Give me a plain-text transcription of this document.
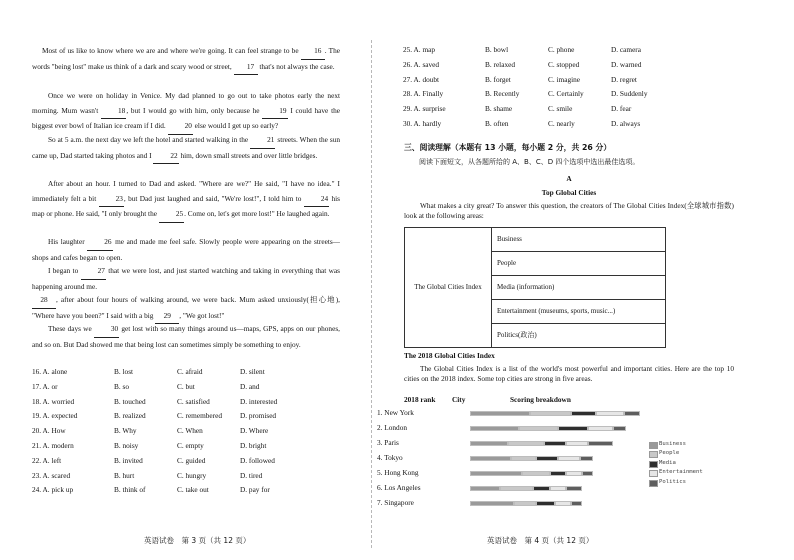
Most of us like to know where we are and where we're going. It can feel strange to be 16 . The words "being lost" make us think of a dark and scary wood or street, 17 that's not always the case.
Once we were on holiday in Venice. My dad planned to go out to take photos early the next morning. Mum wasn't 18, but I would go with him, only because he 19 I could have the biggest ever bowl of Italian ice cream if I did. 20 else would I get up so early?
So at 5 a.m. the next day we left the hotel and started walking in the 21 streets. When the sun came up, Dad started taking photos and I 22 him, down small streets and over little bridges.
After about an hour. I turned to Dad and asked. "Where are we?" He said, "I have no idea." I immediately felt a bit 23, but Dad just laughed and said, "We're lost!", I told him to 24 his map or phone. He said, "I only brought the 25. Come on, let's get more lost!" He laughed again.
His laughter 26 me and made me feel safe. Slowly people were appearing on the streets—shops and cafes began to open.
I began to 27 that we were lost, and just started watching and taking in everything that was happening around me.
28 , after about four hours of walking around, we were back. Mum asked unxiously(担心地), "Where have you been?" I said with a big 29 , "We got lost!"
These days we 30 get lost with so many things around us—maps, GPS, apps on our phones, and so on. But Dad showed me that being lost can sometimes simply be something to enjoy.
16. A. alone	B. lost	C. afraid	D. silent
17. A. or	B. so	C. but	D. and
18. A. worried	B. touched	C. satisfied	D. interested
19. A. expected	B. realized	C. remembered D. promised
20. A. How	B. Why	C. When	D. Where
21. A. modern	B. noisy	C. empty	D. bright
22. A. left	B. invited	C. guided	D. followed
23. A. scared	B. hurt	C. hungry	D. tired
24. A. pick up	B. think of	C. take out	D. pay for
英语试卷　第 3 页（共 12 页）
25. A. map	B. bowl	C. phone	D. camera
26. A. saved	B. relaxed	C. stopped	D. warned
27. A. doubt	B. forget	C. imagine	D. regret
28. A. Finally	B. Recently	C. Certainly	D. Suddenly
29. A. surprise	B. shame	C. smile	D. fear
30. A. hardly	B. often	C. nearly	D. always
三、阅读理解（本题有 13 小题，每小题 2 分，共 26 分）
阅读下面短文，从各题所给的 A、B、C、D 四个选项中选出最佳选项。
A
Top Global Cities
What makes a city great? To answer this question, the creators of The Global Cities Index(全球城市指数) look at the following areas:
The Global Cities Index	Business
People
Media (information)
Entertainment (museums, sports, music...)
Politics(政治)
The 2018 Global Cities Index
The Global Cities Index is a list of the world's most powerful and important cities. Here are the top 10 cities on the 2018 index. Some top cities are strong in five areas.
2018 rank City	Scoring breakdown
1. New York
2. London
3. Paris
4. Tokyo
5. Hong Kong
6. Los Angeles
7. Singapore
Business
People
Media
Entertainment
Politics
英语试卷　第 4 页（共 12 页）
